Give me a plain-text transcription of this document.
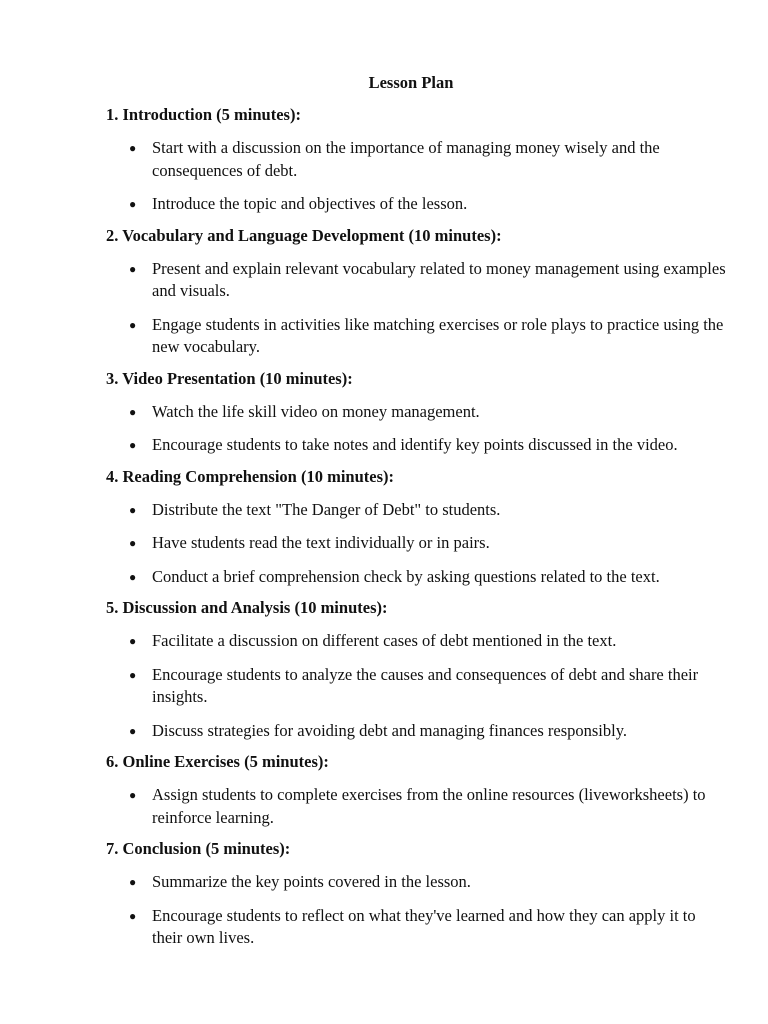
Lesson Plan
1. Introduction (5 minutes):
● Start with a discussion on the importance of managing money wisely and the consequences of debt.
● Introduce the topic and objectives of the lesson.
2. Vocabulary and Language Development (10 minutes):
● Present and explain relevant vocabulary related to money management using examples and visuals.
● Engage students in activities like matching exercises or role plays to practice using the new vocabulary.
3. Video Presentation (10 minutes):
● Watch the life skill video on money management.
● Encourage students to take notes and identify key points discussed in the video.
4. Reading Comprehension (10 minutes):
● Distribute the text "The Danger of Debt" to students.
● Have students read the text individually or in pairs.
● Conduct a brief comprehension check by asking questions related to the text.
5. Discussion and Analysis (10 minutes):
● Facilitate a discussion on different cases of debt mentioned in the text.
● Encourage students to analyze the causes and consequences of debt and share their insights.
● Discuss strategies for avoiding debt and managing finances responsibly.
6. Online Exercises (5 minutes):
● Assign students to complete exercises from the online resources (liveworksheets) to reinforce learning.
7. Conclusion (5 minutes):
● Summarize the key points covered in the lesson.
● Encourage students to reflect on what they've learned and how they can apply it to their own lives.
